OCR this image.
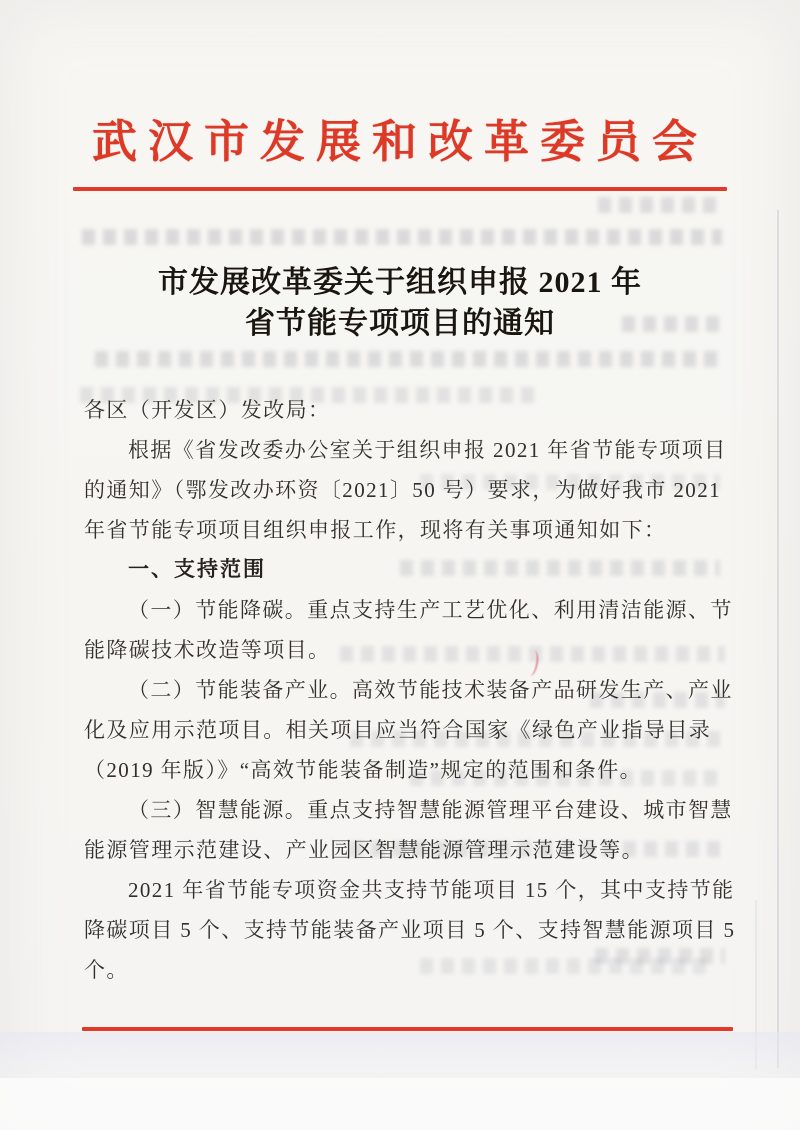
武汉市发展和改革委员会
市发展改革委关于组织申报 2021 年
省节能专项项目的通知
各区（开发区）发改局：
根据《省发改委办公室关于组织申报 2021 年省节能专项项目
的通知》（鄂发改办环资〔2021〕50 号）要求，为做好我市 2021
年省节能专项项目组织申报工作，现将有关事项通知如下：
一、支持范围
（一）节能降碳。重点支持生产工艺优化、利用清洁能源、节
能降碳技术改造等项目。
（二）节能装备产业。高效节能技术装备产品研发生产、产业
化及应用示范项目。相关项目应当符合国家《绿色产业指导目录
（2019 年版）》“高效节能装备制造”规定的范围和条件。
（三）智慧能源。重点支持智慧能源管理平台建设、城市智慧
能源管理示范建设、产业园区智慧能源管理示范建设等。
2021 年省节能专项资金共支持节能项目 15 个，其中支持节能
降碳项目 5 个、支持节能装备产业项目 5 个、支持智慧能源项目 5
个。
